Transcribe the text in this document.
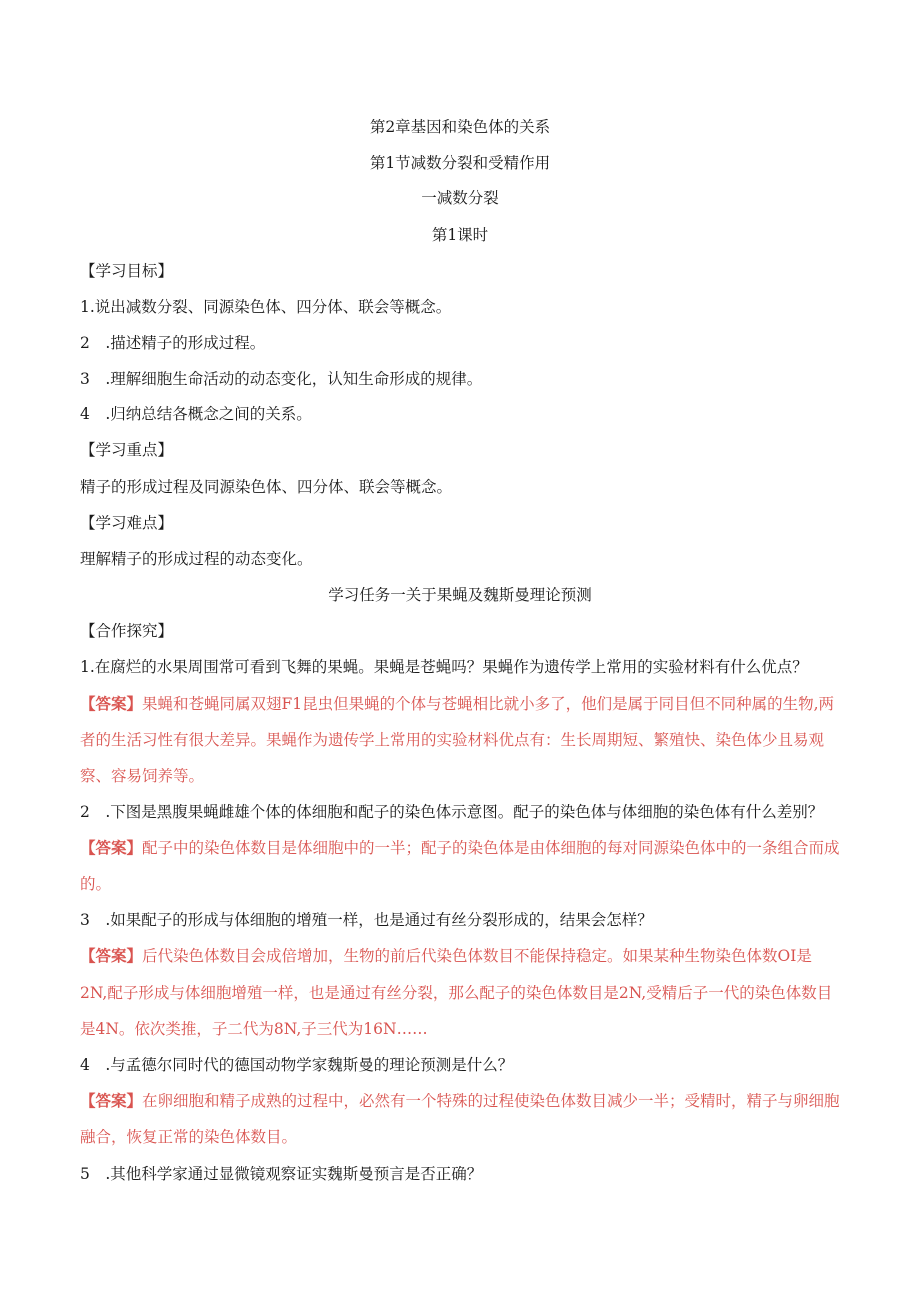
第2章基因和染色体的关系
第1节减数分裂和受精作用
一减数分裂
第1课时
【学习目标】
1.说出减数分裂、同源染色体、四分体、联会等概念。
2　.描述精子的形成过程。
3　.理解细胞生命活动的动态变化，认知生命形成的规律。
4　.归纳总结各概念之间的关系。
【学习重点】
精子的形成过程及同源染色体、四分体、联会等概念。
【学习难点】
理解精子的形成过程的动态变化。
学习任务一关于果蝇及魏斯曼理论预测
【合作探究】
1.在腐烂的水果周围常可看到飞舞的果蝇。果蝇是苍蝇吗？果蝇作为遗传学上常用的实验材料有什么优点？
【答案】果蝇和苍蝇同属双翅F1昆虫但果蝇的个体与苍蝇相比就小多了，他们是属于同目但不同种属的生物,两
者的生活习性有很大差异。果蝇作为遗传学上常用的实验材料优点有：生长周期短、繁殖快、染色体少且易观
察、容易饲养等。
2　.下图是黑腹果蝇雌雄个体的体细胞和配子的染色体示意图。配子的染色体与体细胞的染色体有什么差别？
【答案】配子中的染色体数目是体细胞中的一半；配子的染色体是由体细胞的每对同源染色体中的一条组合而成
的。
3　.如果配子的形成与体细胞的增殖一样，也是通过有丝分裂形成的，结果会怎样？
【答案】后代染色体数目会成倍增加，生物的前后代染色体数目不能保持稳定。如果某种生物染色体数OI是
2N,配子形成与体细胞增殖一样，也是通过有丝分裂，那么配子的染色体数目是2N,受精后子一代的染色体数目
是4N。依次类推，子二代为8N,子三代为16N……
4　.与孟德尔同时代的德国动物学家魏斯曼的理论预测是什么？
【答案】在卵细胞和精子成熟的过程中，必然有一个特殊的过程使染色体数目减少一半；受精时，精子与卵细胞
融合，恢复正常的染色体数目。
5　.其他科学家通过显微镜观察证实魏斯曼预言是否正确？
